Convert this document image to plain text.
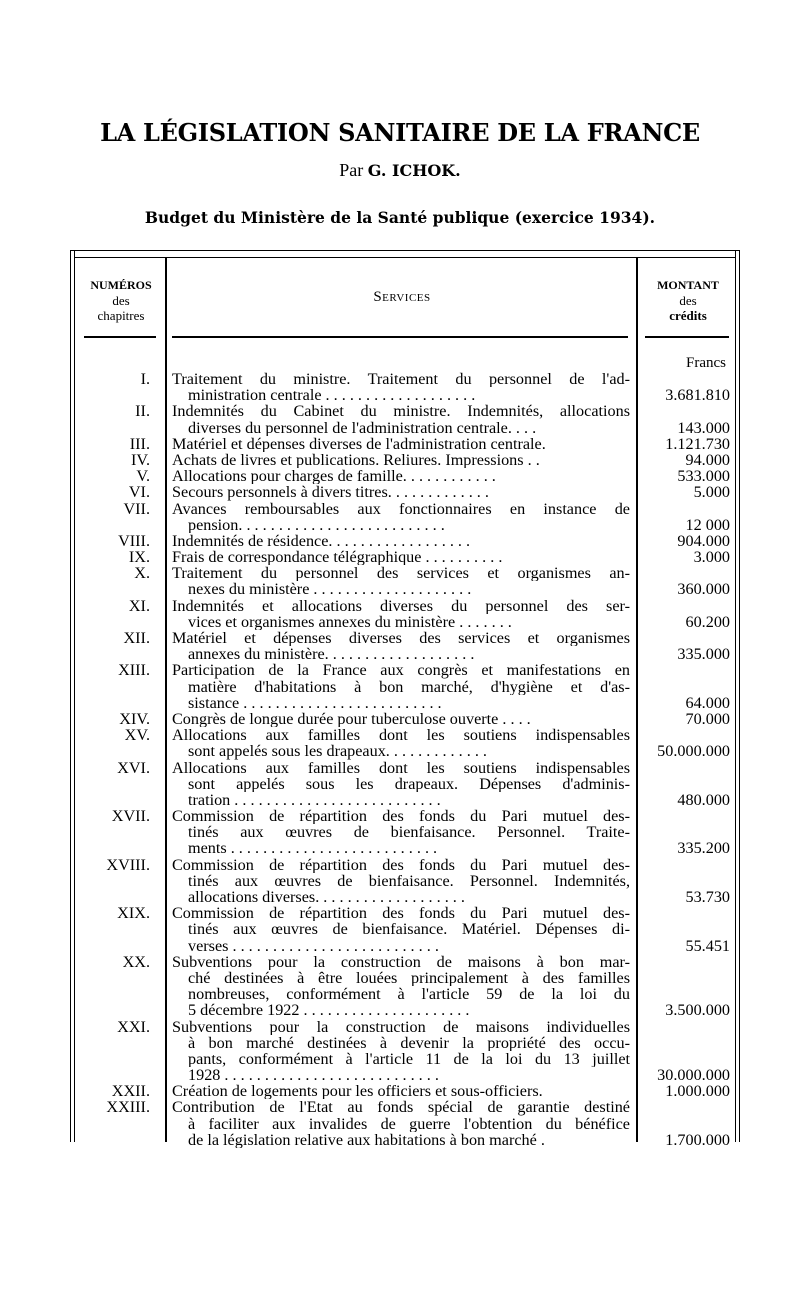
LA LÉGISLATION SANITAIRE DE LA FRANCE
Par G. ICHOK.
Budget du Ministère de la Santé publique (exercice 1934).
NUMÉROS
des
chapitres
Services
MONTANT
des
crédits
Francs
I. Traitement du ministre. Traitement du personnel de l'ad-
ministration centrale . . . . . . . . . . . . . . . . . . .	3.681.810
II. Indemnités du Cabinet du ministre. Indemnités, allocations
diverses du personnel de l'administration centrale. . . .	143.000
III. Matériel et dépenses diverses de l'administration centrale.	1.121.730
IV. Achats de livres et publications. Reliures. Impressions . .	94.000
V. Allocations pour charges de famille. . . . . . . . . . . .	533.000
VI. Secours personnels à divers titres. . . . . . . . . . . . .	5.000
VII. Avances remboursables aux fonctionnaires en instance de
pension. . . . . . . . . . . . . . . . . . . . . . . . . .	12 000
VIII. Indemnités de résidence. . . . . . . . . . . . . . . . . .	904.000
IX. Frais de correspondance télégraphique . . . . . . . . . .	3.000
X. Traitement du personnel des services et organismes an-
nexes du ministère . . . . . . . . . . . . . . . . . . . .	360.000
XI. Indemnités et allocations diverses du personnel des ser-
vices et organismes annexes du ministère . . . . . . .	60.200
XII. Matériel et dépenses diverses des services et organismes
annexes du ministère. . . . . . . . . . . . . . . . . . .	335.000
XIII. Participation de la France aux congrès et manifestations en
matière d'habitations à bon marché, d'hygiène et d'as-
sistance . . . . . . . . . . . . . . . . . . . . . . . . .	64.000
XIV. Congrès de longue durée pour tuberculose ouverte . . . .	70.000
XV. Allocations aux familles dont les soutiens indispensables
sont appelés sous les drapeaux. . . . . . . . . . . . .	50.000.000
XVI. Allocations aux familles dont les soutiens indispensables
sont appelés sous les drapeaux. Dépenses d'adminis-
tration . . . . . . . . . . . . . . . . . . . . . . . . . .	480.000
XVII. Commission de répartition des fonds du Pari mutuel des-
tinés aux œuvres de bienfaisance. Personnel. Traite-
ments . . . . . . . . . . . . . . . . . . . . . . . . . .	335.200
XVIII. Commission de répartition des fonds du Pari mutuel des-
tinés aux œuvres de bienfaisance. Personnel. Indemnités,
allocations diverses. . . . . . . . . . . . . . . . . . .	53.730
XIX. Commission de répartition des fonds du Pari mutuel des-
tinés aux œuvres de bienfaisance. Matériel. Dépenses di-
verses . . . . . . . . . . . . . . . . . . . . . . . . . .	55.451
XX. Subventions pour la construction de maisons à bon mar-
ché destinées à être louées principalement à des familles
nombreuses, conformément à l'article 59 de la loi du
5 décembre 1922 . . . . . . . . . . . . . . . . . . . . .	3.500.000
XXI. Subventions pour la construction de maisons individuelles
à bon marché destinées à devenir la propriété des occu-
pants, conformément à l'article 11 de la loi du 13 juillet
1928 . . . . . . . . . . . . . . . . . . . . . . . . . . .	30.000.000
XXII. Création de logements pour les officiers et sous-officiers.	1.000.000
XXIII. Contribution de l'Etat au fonds spécial de garantie destiné
à faciliter aux invalides de guerre l'obtention du bénéfice
de la législation relative aux habitations à bon marché .	1.700.000
